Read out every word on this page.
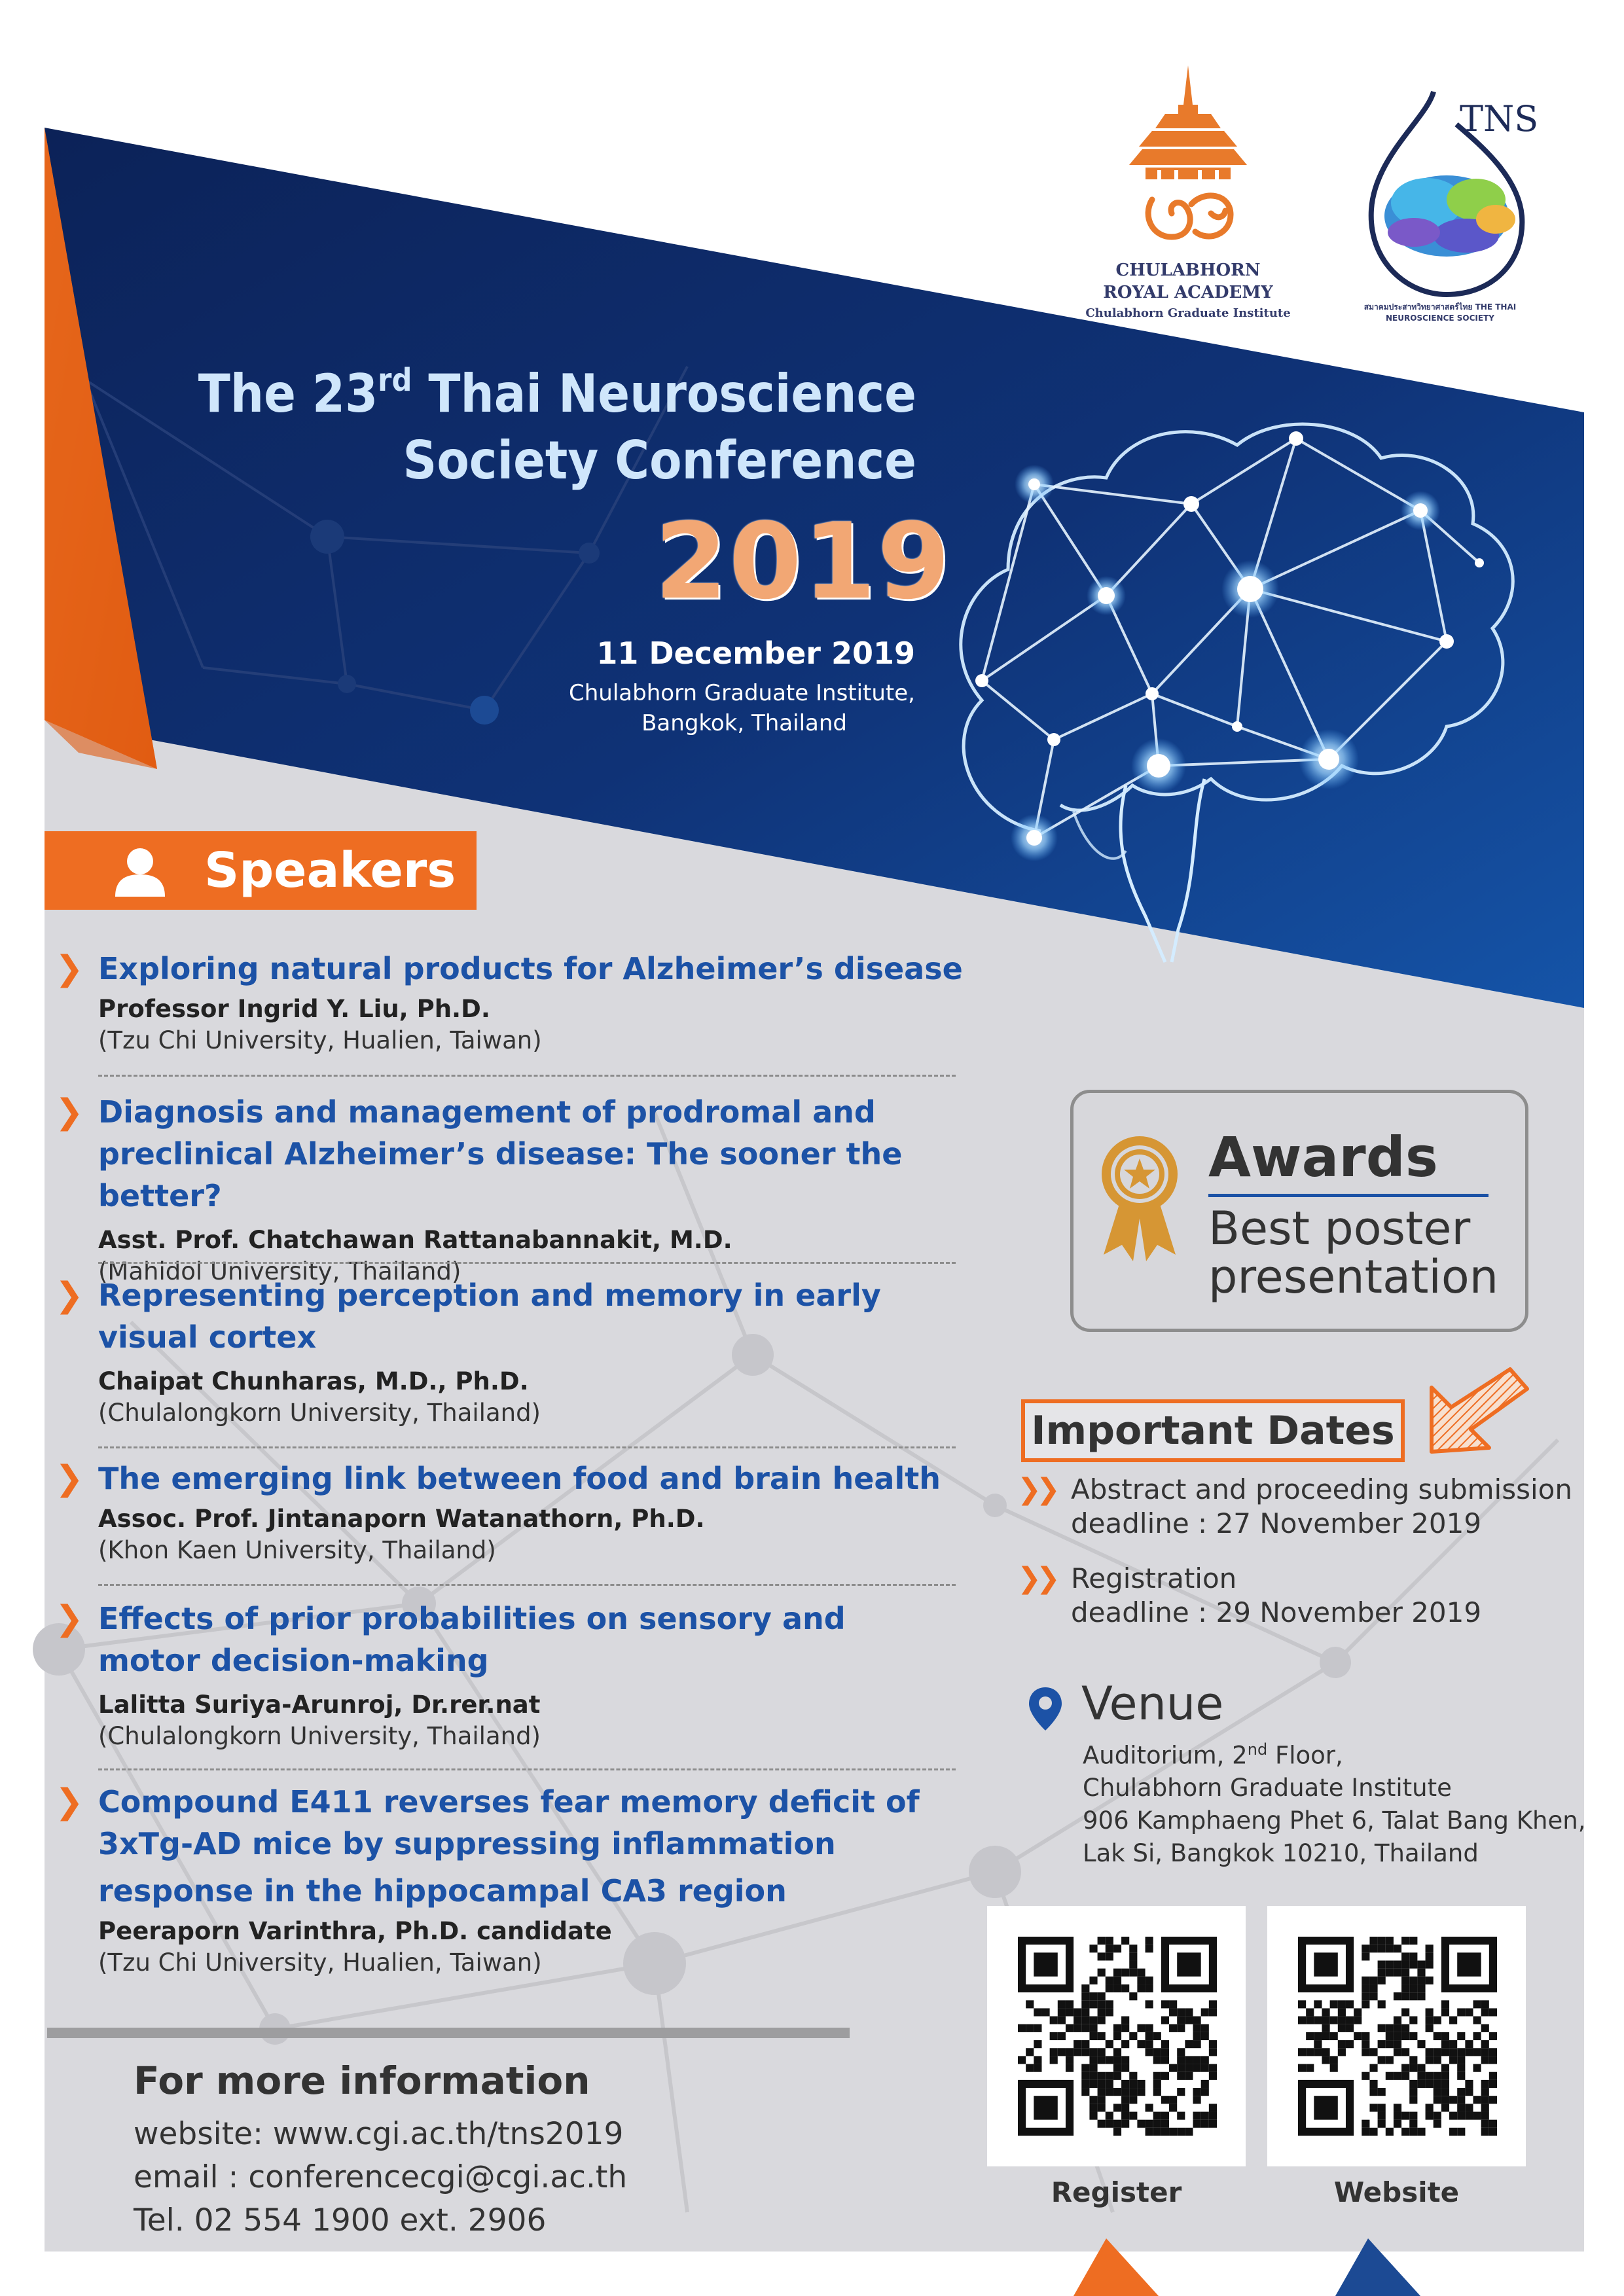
CHULABHORN
ROYAL ACADEMY
Chulabhorn Graduate Institute
TNS
สมาคมประสาทวิทยาศาสตร์ไทย THE THAI NEUROSCIENCE SOCIETY
The 23rd Thai Neuroscience
Society Conference
2019
11 December 2019
Chulabhorn Graduate Institute,
Bangkok, Thailand
Speakers
❯ Exploring natural products for Alzheimer’s disease
Professor Ingrid Y. Liu, Ph.D.
(Tzu Chi University, Hualien, Taiwan)
❯ Diagnosis and management of prodromal and
preclinical Alzheimer’s disease: The sooner the better?
Asst. Prof. Chatchawan Rattanabannakit, M.D.
(Mahidol University, Thailand)
❯ Representing perception and memory in early
visual cortex
Chaipat Chunharas, M.D., Ph.D.
(Chulalongkorn University, Thailand)
❯ The emerging link between food and brain health
Assoc. Prof. Jintanaporn Watanathorn, Ph.D.
(Khon Kaen University, Thailand)
❯ Effects of prior probabilities on sensory and
motor decision-making
Lalitta Suriya-Arunroj, Dr.rer.nat
(Chulalongkorn University, Thailand)
❯ Compound E411 reverses fear memory deficit of
3xTg-AD mice by suppressing inflammation
response in the hippocampal CA3 region
Peeraporn Varinthra, Ph.D. candidate
(Tzu Chi University, Hualien, Taiwan)
Awards
Best poster
presentation
Important Dates
❯❯ Abstract and proceeding submission
deadline : 27 November 2019
❯❯ Registration
deadline : 29 November 2019
Venue
Auditorium, 2nd Floor,
Chulabhorn Graduate Institute
906 Kamphaeng Phet 6, Talat Bang Khen,
Lak Si, Bangkok 10210, Thailand
For more information
website: www.cgi.ac.th/tns2019
email : conferencecgi@cgi.ac.th
Tel. 02 554 1900 ext. 2906
Register	Website
